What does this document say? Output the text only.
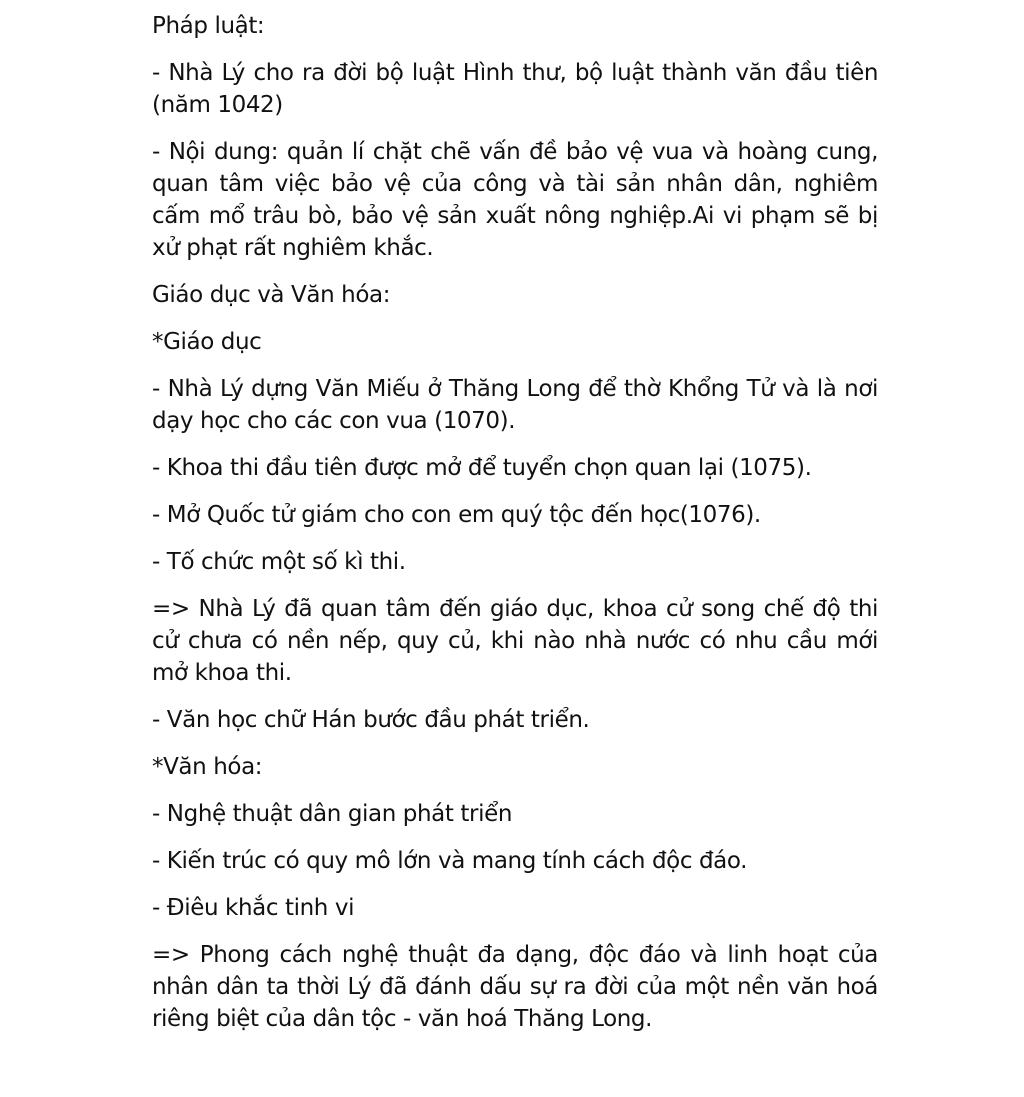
Pháp luật:

- Nhà Lý cho ra đời bộ luật Hình thư, bộ luật thành văn đầu tiên (năm 1042)

- Nội dung: quản lí chặt chẽ vấn đề bảo vệ vua và hoàng cung, quan tâm việc bảo vệ của công và tài sản nhân dân, nghiêm cấm mổ trâu bò, bảo vệ sản xuất nông nghiệp.Ai vi phạm sẽ bị xử phạt rất nghiêm khắc.

Giáo dục và Văn hóa:

*Giáo dục

- Nhà Lý dựng Văn Miếu ở Thăng Long để thờ Khổng Tử và là nơi dạy học cho các con vua (1070).

- Khoa thi đầu tiên được mở để tuyển chọn quan lại (1075).

- Mở Quốc tử giám cho con em quý tộc đến học(1076).

- Tố chức một số kì thi.

=> Nhà Lý đã quan tâm đến giáo dục, khoa cử song chế độ thi cử chưa có nền nếp, quy củ, khi nào nhà nước có nhu cầu mới mở khoa thi.

- Văn học chữ Hán bước đầu phát triển.

*Văn hóa:

- Nghệ thuật dân gian phát triển

- Kiến trúc có quy mô lớn và mang tính cách độc đáo.

- Điêu khắc tinh vi

=> Phong cách nghệ thuật đa dạng, độc đáo và linh hoạt của nhân dân ta thời Lý đã đánh dấu sự ra đời của một nền văn hoá riêng biệt của dân tộc - văn hoá Thăng Long.
